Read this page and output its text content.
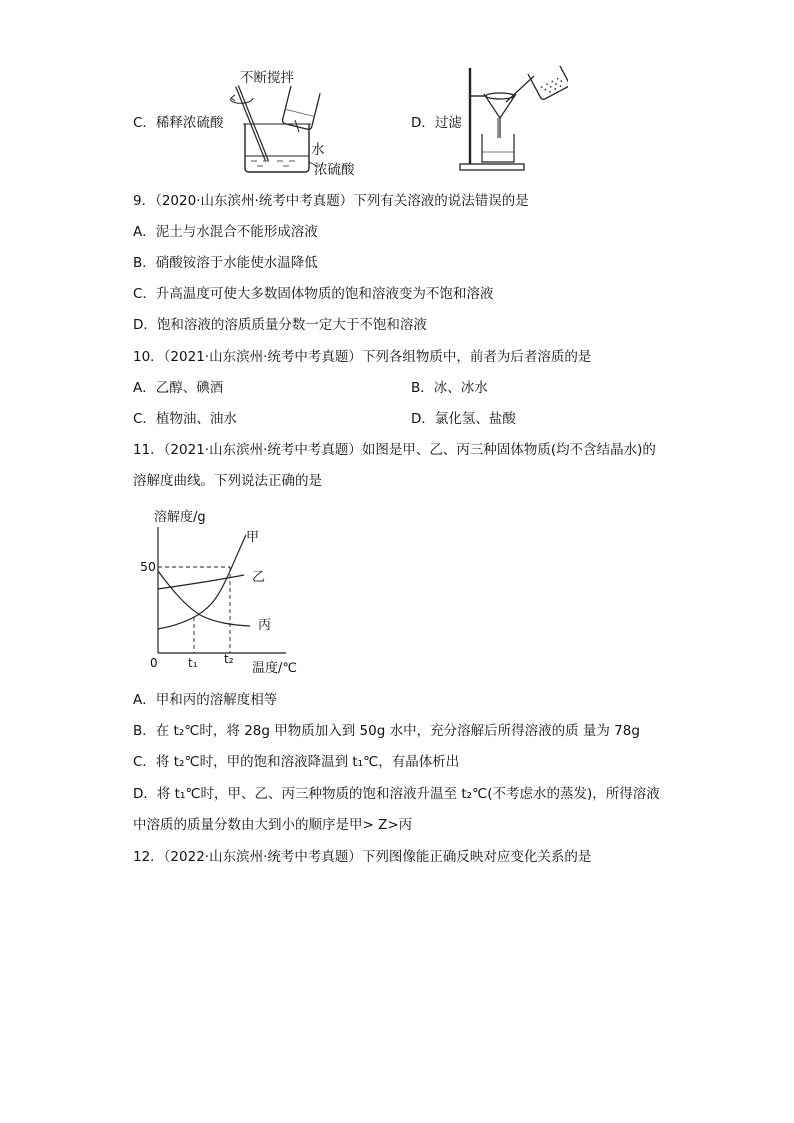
C．稀释浓硫酸
不断搅拌
水
浓硫酸
D．过滤
9．（2020·山东滨州·统考中考真题）下列有关溶液的说法错误的是
A．泥土与水混合不能形成溶液
B．硝酸铵溶于水能使水温降低
C．升高温度可使大多数固体物质的饱和溶液变为不饱和溶液
D．饱和溶液的溶质质量分数一定大于不饱和溶液
10．（2021·山东滨州·统考中考真题）下列各组物质中，前者为后者溶质的是
A．乙醇、碘酒	B．冰、冰水
C．植物油、油水	D．氯化氢、盐酸
11．（2021·山东滨州·统考中考真题）如图是甲、乙、丙三种固体物质(均不含结晶水)的
溶解度曲线。下列说法正确的是
溶解度/g
50
甲
乙
丙
0	t₁ t₂
温度/℃
A．甲和丙的溶解度相等
B．在 t₂℃时，将 28g 甲物质加入到 50g 水中，充分溶解后所得溶液的质 量为 78g
C．将 t₂℃时，甲的饱和溶液降温到 t₁℃，有晶体析出
D．将 t₁℃时，甲、乙、丙三种物质的饱和溶液升温至 t₂℃(不考虑水的蒸发)，所得溶液
中溶质的质量分数由大到小的顺序是甲> Z>丙
12．（2022·山东滨州·统考中考真题）下列图像能正确反映对应变化关系的是
